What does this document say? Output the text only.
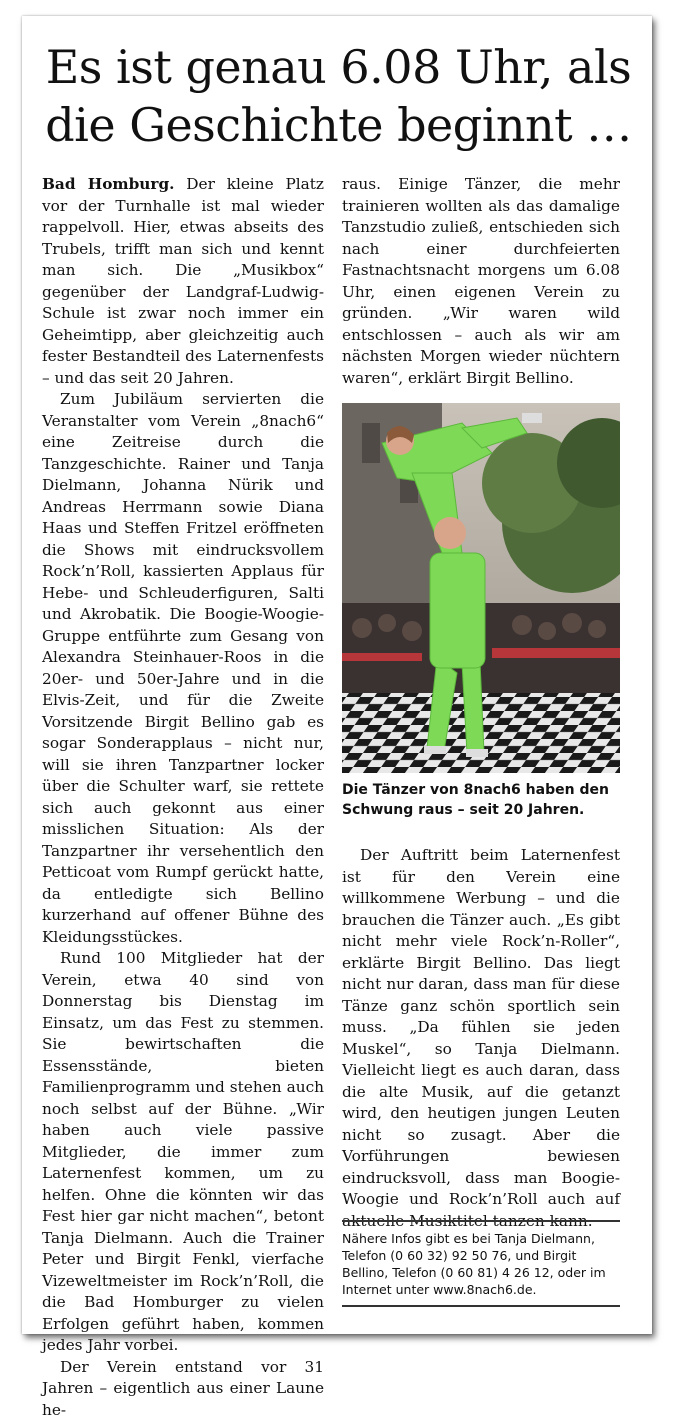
Es ist genau 6.08 Uhr, als
die Geschichte beginnt …

Bad Homburg. Der kleine Platz vor der Turnhalle ist mal wieder rappelvoll. Hier, etwas abseits des Trubels, trifft man sich und kennt man sich. Die „Musikbox“ gegenüber der Landgraf-Ludwig-Schule ist zwar noch immer ein Geheimtipp, aber gleichzeitig auch fester Bestandteil des Laternenfests – und das seit 20 Jahren.

Zum Jubiläum servierten die Veranstalter vom Verein „8nach6“ eine Zeitreise durch die Tanzgeschichte. Rainer und Tanja Dielmann, Johanna Nürik und Andreas Herrmann sowie Diana Haas und Steffen Fritzel eröffneten die Shows mit eindrucksvollem Rock’n’Roll, kassierten Applaus für Hebe- und Schleuderfiguren, Salti und Akrobatik. Die Boogie-Woogie-Gruppe entführte zum Gesang von Alexandra Steinhauer-Roos in die 20er- und 50er-Jahre und in die Elvis-Zeit, und für die Zweite Vorsitzende Birgit Bellino gab es sogar Sonderapplaus – nicht nur, will sie ihren Tanzpartner locker über die Schulter warf, sie rettete sich auch gekonnt aus einer misslichen Situation: Als der Tanzpartner ihr versehentlich den Petticoat vom Rumpf gerückt hatte, da entledigte sich Bellino kurzerhand auf offener Bühne des Kleidungsstückes.

Rund 100 Mitglieder hat der Verein, etwa 40 sind von Donnerstag bis Dienstag im Einsatz, um das Fest zu stemmen. Sie bewirtschaften die Essensstände, bieten Familienprogramm und stehen auch noch selbst auf der Bühne. „Wir haben auch viele passive Mitglieder, die immer zum Laternenfest kommen, um zu helfen. Ohne die könnten wir das Fest hier gar nicht machen“, betont Tanja Dielmann. Auch die Trainer Peter und Birgit Fenkl, vierfache Vizeweltmeister im Rock’n’Roll, die die Bad Homburger zu vielen Erfolgen geführt haben, kommen jedes Jahr vorbei.

Der Verein entstand vor 31 Jahren – eigentlich aus einer Laune he-

raus. Einige Tänzer, die mehr trainieren wollten als das damalige Tanzstudio zuließ, entschieden sich nach einer durchfeierten Fastnachtsnacht morgens um 6.08 Uhr, einen eigenen Verein zu gründen. „Wir waren wild entschlossen – auch als wir am nächsten Morgen wieder nüchtern waren“, erklärt Birgit Bellino.

Die Tänzer von 8nach6 haben den Schwung raus – seit 20 Jahren.

Der Auftritt beim Laternenfest ist für den Verein eine willkommene Werbung – und die brauchen die Tänzer auch. „Es gibt nicht mehr viele Rock’n-Roller“, erklärte Birgit Bellino. Das liegt nicht nur daran, dass man für diese Tänze ganz schön sportlich sein muss. „Da fühlen sie jeden Muskel“, so Tanja Dielmann. Vielleicht liegt es auch daran, dass die alte Musik, auf die getanzt wird, den heutigen jungen Leuten nicht so zusagt. Aber die Vorführungen bewiesen eindrucksvoll, dass man Boogie-Woogie und Rock’n’Roll auch auf aktuelle Musiktitel tanzen kann.

Nähere Infos gibt es bei Tanja Dielmann, Telefon (0 60 32) 92 50 76, und Birgit Bellino, Telefon (0 60 81) 4 26 12, oder im Internet unter www.8nach6.de.
